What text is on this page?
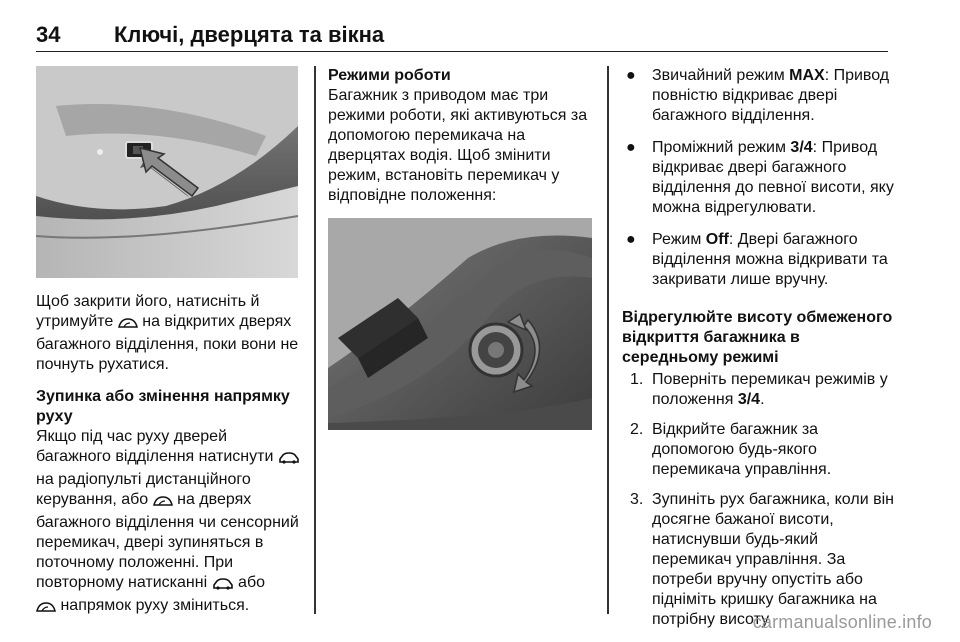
34 Ключі, дверцята та вікна

Щоб закрити його, натисніть й утримуйте на відкритих дверях багажного відділення, поки вони не почнуть рухатися.

Зупинка або змінення напрямку руху

Якщо під час руху дверей багажного відділення натиснути  на радіопульті дистанційного керування, або на дверях багажного відділення чи сенсорний перемикач, двері зупиняться в поточному положенні. При повторному натисканні або
напрямок руху зміниться.

Режими роботи

Багажник з приводом має три режими роботи, які активуються за допомогою перемикача на дверцятах водія. Щоб змінити режим, встановіть перемикач у відповідне положення:

● Звичайний режим MAX: Привод повністю відкриває двері багажного відділення.
● Проміжний режим 3/4: Привод відкриває двері багажного відділення до певної висоти, яку можна відрегулювати.
● Режим Off: Двері багажного відділення можна відкривати та закривати лише вручну.

Відрегулюйте висоту обмеженого відкриття багажника в середньому режимі

1. Поверніть перемикач режимів у положення 3/4.
2. Відкрийте багажник за допомогою будь-якого перемикача управління.
3. Зупиніть рух багажника, коли він досягне бажаної висоти, натиснувши будь-який перемикач управління. За потреби вручну опустіть або підніміть кришку багажника на потрібну висоту.
carmanualsonline.info
